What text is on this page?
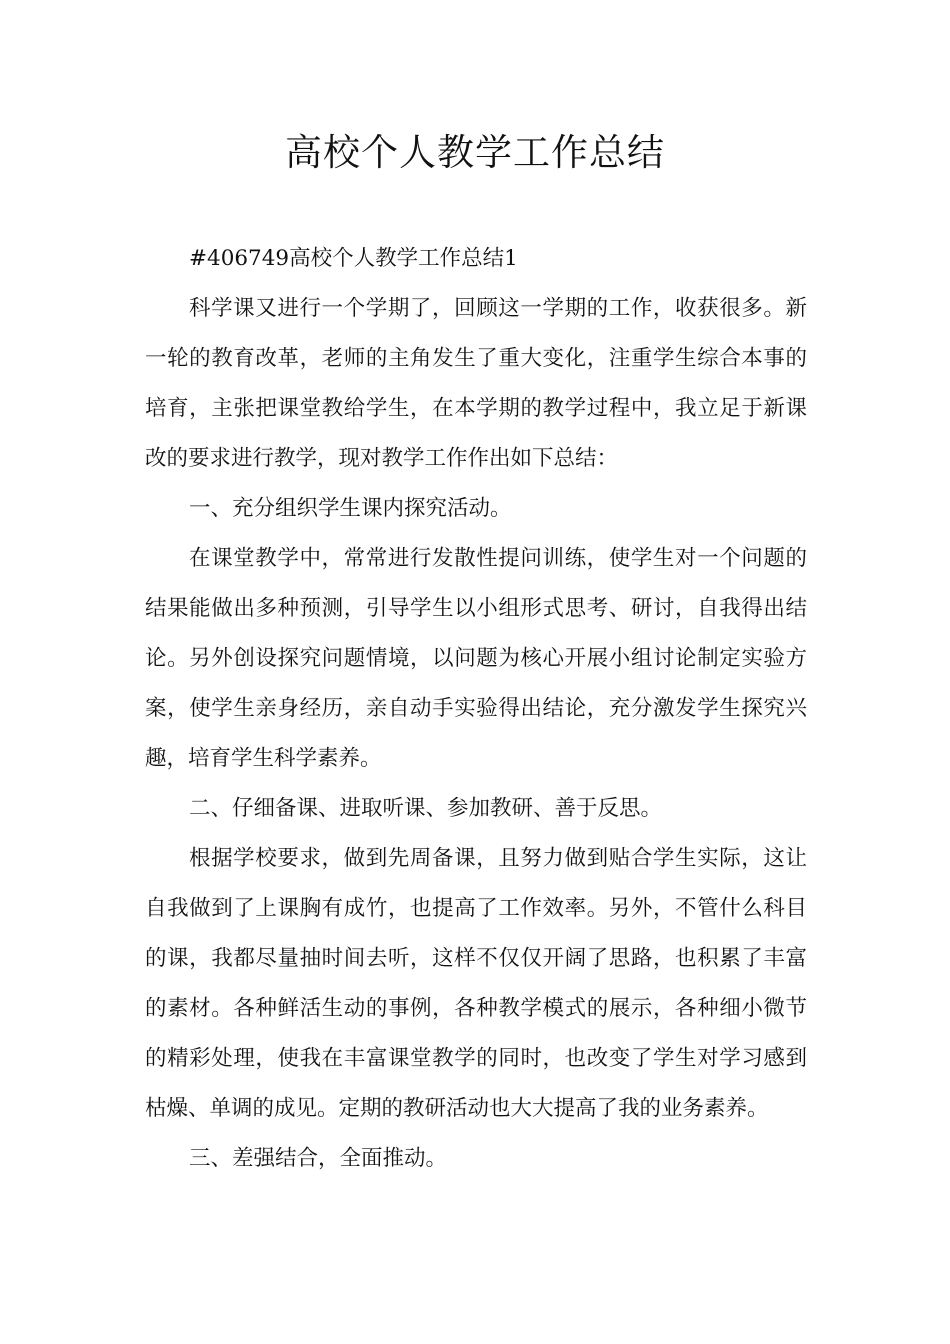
高校个人教学工作总结

#406749高校个人教学工作总结1

科学课又进行一个学期了，回顾这一学期的工作，收获很多。新一轮的教育改革，老师的主角发生了重大变化，注重学生综合本事的培育，主张把课堂教给学生，在本学期的教学过程中，我立足于新课改的要求进行教学，现对教学工作作出如下总结：

一、充分组织学生课内探究活动。

在课堂教学中，常常进行发散性提问训练，使学生对一个问题的结果能做出多种预测，引导学生以小组形式思考、研讨，自我得出结论。另外创设探究问题情境，以问题为核心开展小组讨论制定实验方案，使学生亲身经历，亲自动手实验得出结论，充分激发学生探究兴趣，培育学生科学素养。

二、仔细备课、进取听课、参加教研、善于反思。

根据学校要求，做到先周备课，且努力做到贴合学生实际，这让自我做到了上课胸有成竹，也提高了工作效率。另外，不管什么科目的课，我都尽量抽时间去听，这样不仅仅开阔了思路，也积累了丰富的素材。各种鲜活生动的事例，各种教学模式的展示，各种细小微节的精彩处理，使我在丰富课堂教学的同时，也改变了学生对学习感到枯燥、单调的成见。定期的教研活动也大大提高了我的业务素养。

三、差强结合，全面推动。
